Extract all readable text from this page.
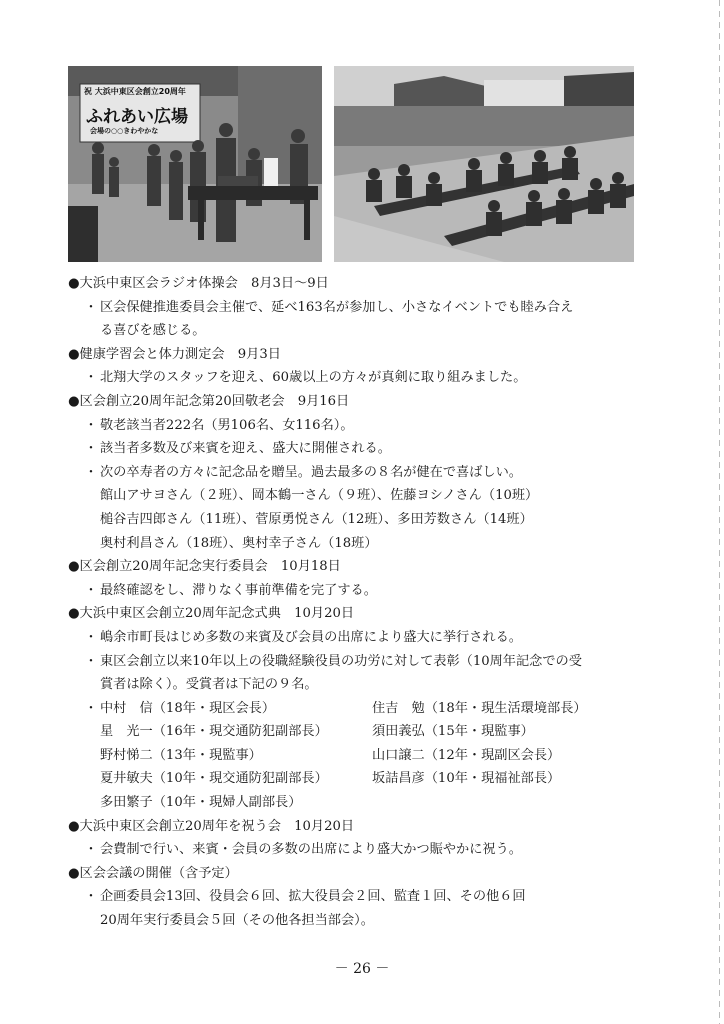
祝 大浜中東区会創立20周年
ふれあい広場
会場の○○きわやかな
●大浜中東区会ラジオ体操会 8月3日～9日
・ 区会保健推進委員会主催で、延べ163名が参加し、小さなイベントでも睦み合え
る喜びを感じる。
●健康学習会と体力測定会 9月3日
・ 北翔大学のスタッフを迎え、60歳以上の方々が真剣に取り組みました。
●区会創立20周年記念第20回敬老会 9月16日
・ 敬老該当者222名（男106名、女116名）。
・ 該当者多数及び来賓を迎え、盛大に開催される。
・ 次の卒寿者の方々に記念品を贈呈。過去最多の８名が健在で喜ばしい。
館山アサヨさん（２班）、岡本鶴一さん（９班）、佐藤ヨシノさん（10班）
槌谷吉四郎さん（11班）、菅原勇悦さん（12班）、多田芳数さん（14班）
奥村利昌さん（18班）、奥村幸子さん（18班）
●区会創立20周年記念実行委員会 10月18日
・ 最終確認をし、滞りなく事前準備を完了する。
●大浜中東区会創立20周年記念式典 10月20日
・ 嶋余市町長はじめ多数の来賓及び会員の出席により盛大に挙行される。
・ 東区会創立以来10年以上の役職経験役員の功労に対して表彰（10周年記念での受
賞者は除く）。受賞者は下記の９名。
・ 中村　信（18年・現区会長）	住吉　勉（18年・現生活環境部長）
星　光一（16年・現交通防犯副部長）	須田義弘（15年・現監事）
野村悌二（13年・現監事）	山口譲二（12年・現副区会長）
夏井敏夫（10年・現交通防犯副部長）	坂詰昌彦（10年・現福祉部長）
多田繁子（10年・現婦人副部長）
●大浜中東区会創立20周年を祝う会 10月20日
・ 会費制で行い、来賓・会員の多数の出席により盛大かつ賑やかに祝う。
●区会会議の開催（含予定）
・ 企画委員会13回、役員会６回、拡大役員会２回、監査１回、その他６回
20周年実行委員会５回（その他各担当部会）。
－ 26 －
